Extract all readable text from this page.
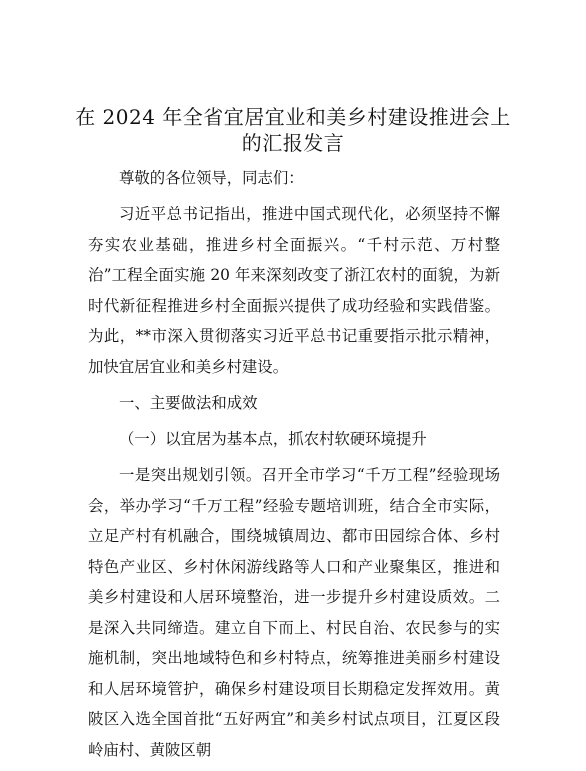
在 2024 年全省宜居宜业和美乡村建设推进会上
的汇报发言

尊敬的各位领导，同志们：

习近平总书记指出，推进中国式现代化，必须坚持不懈夯实农业基础，推进乡村全面振兴。“千村示范、万村整治”工程全面实施 20 年来深刻改变了浙江农村的面貌，为新时代新征程推进乡村全面振兴提供了成功经验和实践借鉴。为此，**市深入贯彻落实习近平总书记重要指示批示精神，加快宜居宜业和美乡村建设。

一、主要做法和成效

（一）以宜居为基本点，抓农村软硬环境提升

一是突出规划引领。召开全市学习“千万工程”经验现场会，举办学习“千万工程”经验专题培训班，结合全市实际，立足产村有机融合，围绕城镇周边、都市田园综合体、乡村特色产业区、乡村休闲游线路等人口和产业聚集区，推进和美乡村建设和人居环境整治，进一步提升乡村建设质效。二是深入共同缔造。建立自下而上、村民自治、农民参与的实施机制，突出地域特色和乡村特点，统筹推进美丽乡村建设和人居环境管护，确保乡村建设项目长期稳定发挥效用。黄陂区入选全国首批“五好两宜”和美乡村试点项目，江夏区段岭庙村、黄陂区朝
